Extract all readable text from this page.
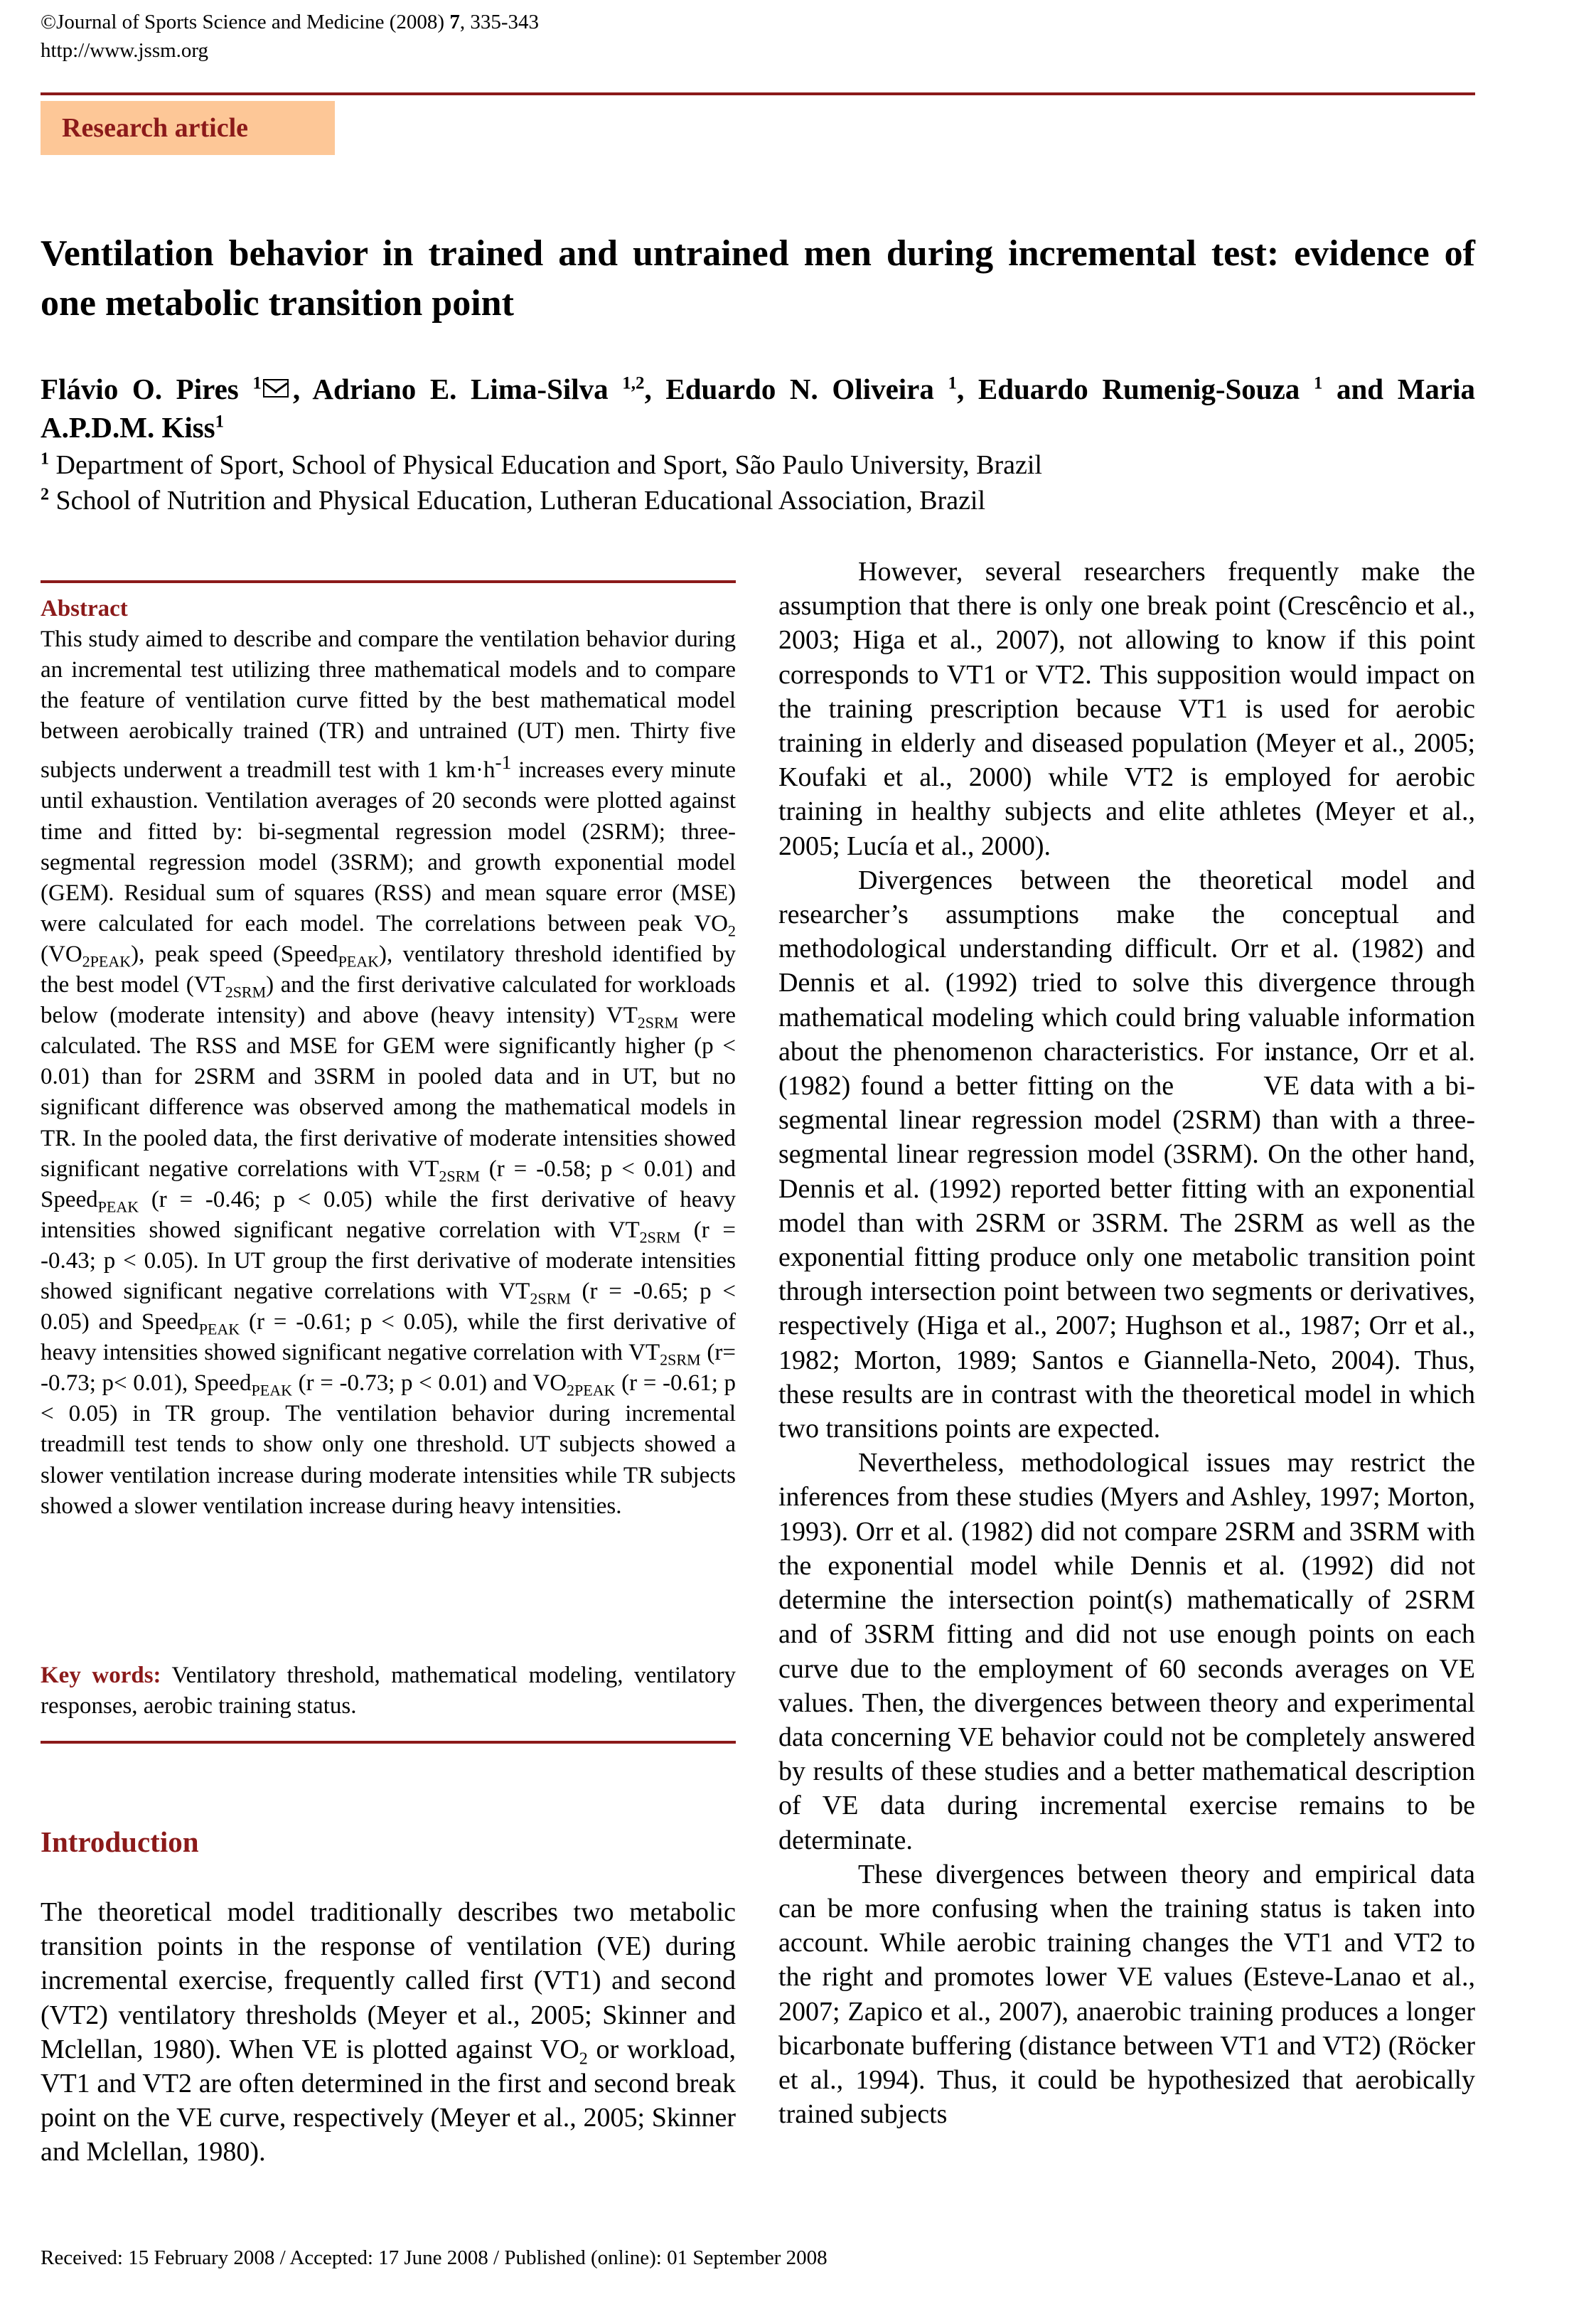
©Journal of Sports Science and Medicine (2008) 7, 335-343
http://www.jssm.org
Research article
Ventilation behavior in trained and untrained men during incremental test: evidence of one metabolic transition point
Flávio O. Pires $^1$ , Adriano E. Lima-Silva $^{1,2}$, Eduardo N. Oliveira $^1$, Eduardo Rumenig-Souza $^1$ and Maria A.P.D.M. Kiss$^1$
$^1$ Department of Sport, School of Physical Education and Sport, São Paulo University, Brazil
$^2$ School of Nutrition and Physical Education, Lutheran Educational Association, Brazil
Abstract

This study aimed to describe and compare the ventilation behavior during an incremental test utilizing three mathematical models and to compare the feature of ventilation curve fitted by the best mathematical model between aerobically trained (TR) and untrained (UT) men. Thirty five subjects underwent a treadmill test with 1 $km\cdot h^{-1}$ increases every minute until exhaustion. Ventilation averages of 20 seconds were plotted against time and fitted by: bi-segmental regression model (2SRM); three-segmental regression model (3SRM); and growth exponential model (GEM). Residual sum of squares (RSS) and mean square error (MSE) were calculated for each model. The correlations between peak $VO_2$ $(VO_{2PEAK})$, peak speed (Speed$_{PEAK}$), ventilatory threshold identified by the best model $(VT_{2SRM})$ and the first derivative calculated for workloads below (moderate intensity) and above (heavy intensity) $VT_{2SRM}$ were calculated. The RSS and MSE for GEM were significantly higher (p < 0.01) than for 2SRM and 3SRM in pooled data and in UT, but no significant difference was observed among the mathematical models in TR. In the pooled data, the first derivative of moderate intensities showed significant negative correlations with $VT_{2SRM}$ (r = -0.58; p < 0.01) and Speed$_{PEAK}$ (r = -0.46; p < 0.05) while the first derivative of heavy intensities showed significant negative correlation with $VT_{2SRM}$ (r = -0.43; p < 0.05). In UT group the first derivative of moderate intensities showed significant negative correlations with $VT_{2SRM}$ (r = -0.65; p < 0.05) and Speed$_{PEAK}$ (r = -0.61; p < 0.05), while the first derivative of heavy intensities showed significant negative correlation with $VT_{2SRM}$ (r= -0.73; p< 0.01), Speed$_{PEAK}$ (r = -0.73; p < 0.01) and $VO_{2PEAK}$ (r = -0.61; p < 0.05) in TR group. The ventilation behavior during incremental treadmill test tends to show only one threshold. UT subjects showed a slower ventilation increase during moderate intensities while TR subjects showed a slower ventilation increase during heavy intensities.

Key words: Ventilatory threshold, mathematical modeling, ventilatory responses, aerobic training status.
Introduction

The theoretical model traditionally describes two metabolic transition points in the response of ventilation (VE) during incremental exercise, frequently called first (VT1) and second (VT2) ventilatory thresholds (Meyer et al., 2005; Skinner and Mclellan, 1980). When VE is plotted against $VO_2$ or workload, VT1 and VT2 are often determined in the first and second break point on the VE curve, respectively (Meyer et al., 2005; Skinner and Mclellan, 1980).

However, several researchers frequently make the assumption that there is only one break point (Crescêncio et al., 2003; Higa et al., 2007), not allowing to know if this point corresponds to VT1 or VT2. This supposition would impact on the training prescription because VT1 is used for aerobic training in elderly and diseased population (Meyer et al., 2005; Koufaki et al., 2000) while VT2 is employed for aerobic training in healthy subjects and elite athletes (Meyer et al., 2005; Lucía et al., 2000).

Divergences between the theoretical model and researcher’s assumptions make the conceptual and methodological understanding difficult. Orr et al. (1982) and Dennis et al. (1992) tried to solve this divergence through mathematical modeling which could bring valuable information about the phenomenon characteristics. For instance, Orr et al. (1982) found a better fitting on the	V •E data with a bi-segmental linear regression model (2SRM) than with a three-segmental linear regression model (3SRM). On the other hand, Dennis et al. (1992) reported better fitting with an exponential model than with 2SRM or 3SRM. The 2SRM as well as the exponential fitting produce only one metabolic transition point through intersection point between two segments or derivatives, respectively (Higa et al., 2007; Hughson et al., 1987; Orr et al., 1982; Morton, 1989; Santos e Giannella-Neto, 2004). Thus, these results are in contrast with the theoretical model in which two transitions points are expected.

Nevertheless, methodological issues may restrict the inferences from these studies (Myers and Ashley, 1997; Morton, 1993). Orr et al. (1982) did not compare 2SRM and 3SRM with the exponential model while Dennis et al. (1992) did not determine the intersection point(s) mathematically of 2SRM and of 3SRM fitting and did not use enough points on each curve due to the employment of 60 seconds averages on VE values. Then, the divergences between theory and experimental data concerning VE behavior could not be completely answered by results of these studies and a better mathematical description of VE data during incremental exercise remains to be determinate.

These divergences between theory and empirical data can be more confusing when the training status is taken into account. While aerobic training changes the VT1 and VT2 to the right and promotes lower VE values (Esteve-Lanao et al., 2007; Zapico et al., 2007), anaerobic training produces a longer bicarbonate buffering (distance between VT1 and VT2) (Röcker et al., 1994). Thus, it could be hypothesized that aerobically trained subjects

Received: 15 February 2008 / Accepted: 17 June 2008 / Published (online): 01 September 2008
